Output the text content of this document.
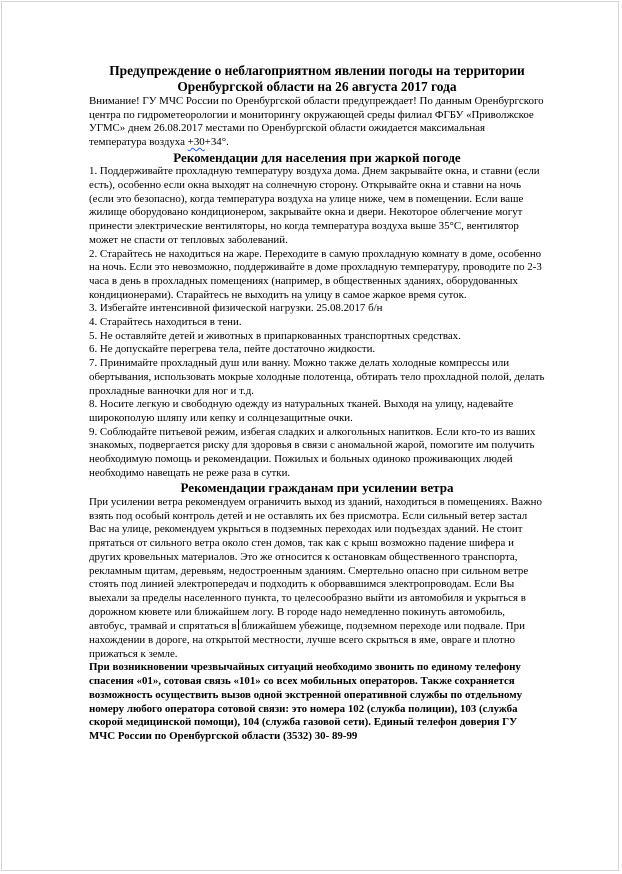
Предупреждение о неблагоприятном явлении погоды на территории
Оренбургской области на 26 августа 2017 года

Внимание! ГУ МЧС России по Оренбургской области предупреждает! По данным Оренбургского центра по гидрометеорологии и мониторингу окружающей среды филиал ФГБУ «Приволжское УГМС» днем 26.08.2017 местами по Оренбургской области ожидается максимальная температура воздуха +30+34°.

Рекомендации для населения при жаркой погоде

1. Поддерживайте прохладную температуру воздуха дома. Днем закрывайте окна, и ставни (если есть), особенно если окна выходят на солнечную сторону. Открывайте окна и ставни на ночь (если это безопасно), когда температура воздуха на улице ниже, чем в помещении. Если ваше жилище оборудовано кондиционером, закрывайте окна и двери. Некоторое облегчение могут принести электрические вентиляторы, но когда температура воздуха выше 35°С, вентилятор может не спасти от тепловых заболеваний.

2. Старайтесь не находиться на жаре. Переходите в самую прохладную комнату в доме, особенно на ночь. Если это невозможно, поддерживайте в доме прохладную температуру, проводите по 2-3 часа в день в прохладных помещениях (например, в общественных зданиях, оборудованных кондиционерами). Старайтесь не выходить на улицу в самое жаркое время суток.

3. Избегайте интенсивной физической нагрузки. 25.08.2017 б/н

4. Старайтесь находиться в тени.

5. Не оставляйте детей и животных в припаркованных транспортных средствах.

6. Не допускайте перегрева тела, пейте достаточно жидкости.

7. Принимайте прохладный душ или ванну. Можно также делать холодные компрессы или обертывания, использовать мокрые холодные полотенца, обтирать тело прохладной полой, делать прохладные ванночки для ног и т.д.

8. Носите легкую и свободную одежду из натуральных тканей. Выходя на улицу, надевайте широкополую шляпу или кепку и солнцезащитные очки.

9. Соблюдайте питьевой режим, избегая сладких и алкогольных напитков. Если кто-то из ваших знакомых, подвергается риску для здоровья в связи с аномальной жарой, помогите им получить необходимую помощь и рекомендации. Пожилых и больных одиноко проживающих людей необходимо навещать не реже раза в сутки.

Рекомендации гражданам при усилении ветра

При усилении ветра рекомендуем ограничить выход из зданий, находиться в помещениях. Важно взять под особый контроль детей и не оставлять их без присмотра. Если сильный ветер застал Вас на улице, рекомендуем укрыться в подземных переходах или подъездах зданий. Не стоит прятаться от сильного ветра около стен домов, так как с крыш возможно падение шифера и других кровельных материалов. Это же относится к остановкам общественного транспорта, рекламным щитам, деревьям, недостроенным зданиям. Смертельно опасно при сильном ветре стоять под линией электропередач и подходить к оборвавшимся электропроводам. Если Вы выехали за пределы населенного пункта, то целесообразно выйти из автомобиля и укрыться в дорожном кювете или ближайшем логу. В городе надо немедленно покинуть автомобиль, автобус, трамвай и спрятаться в ближайшем убежище, подземном переходе или подвале. При нахождении в дороге, на открытой местности, лучше всего скрыться в яме, овраге и плотно прижаться к земле.

При возникновении чрезвычайных ситуаций необходимо звонить по единому телефону спасения «01», сотовая связь «101» со всех мобильных операторов. Также сохраняется возможность осуществить вызов одной экстренной оперативной службы по отдельному номеру любого оператора сотовой связи: это номера 102 (служба полиции), 103 (служба скорой медицинской помощи), 104 (служба газовой сети). Единый телефон доверия ГУ МЧС России по Оренбургской области (3532) 30- 89-99
